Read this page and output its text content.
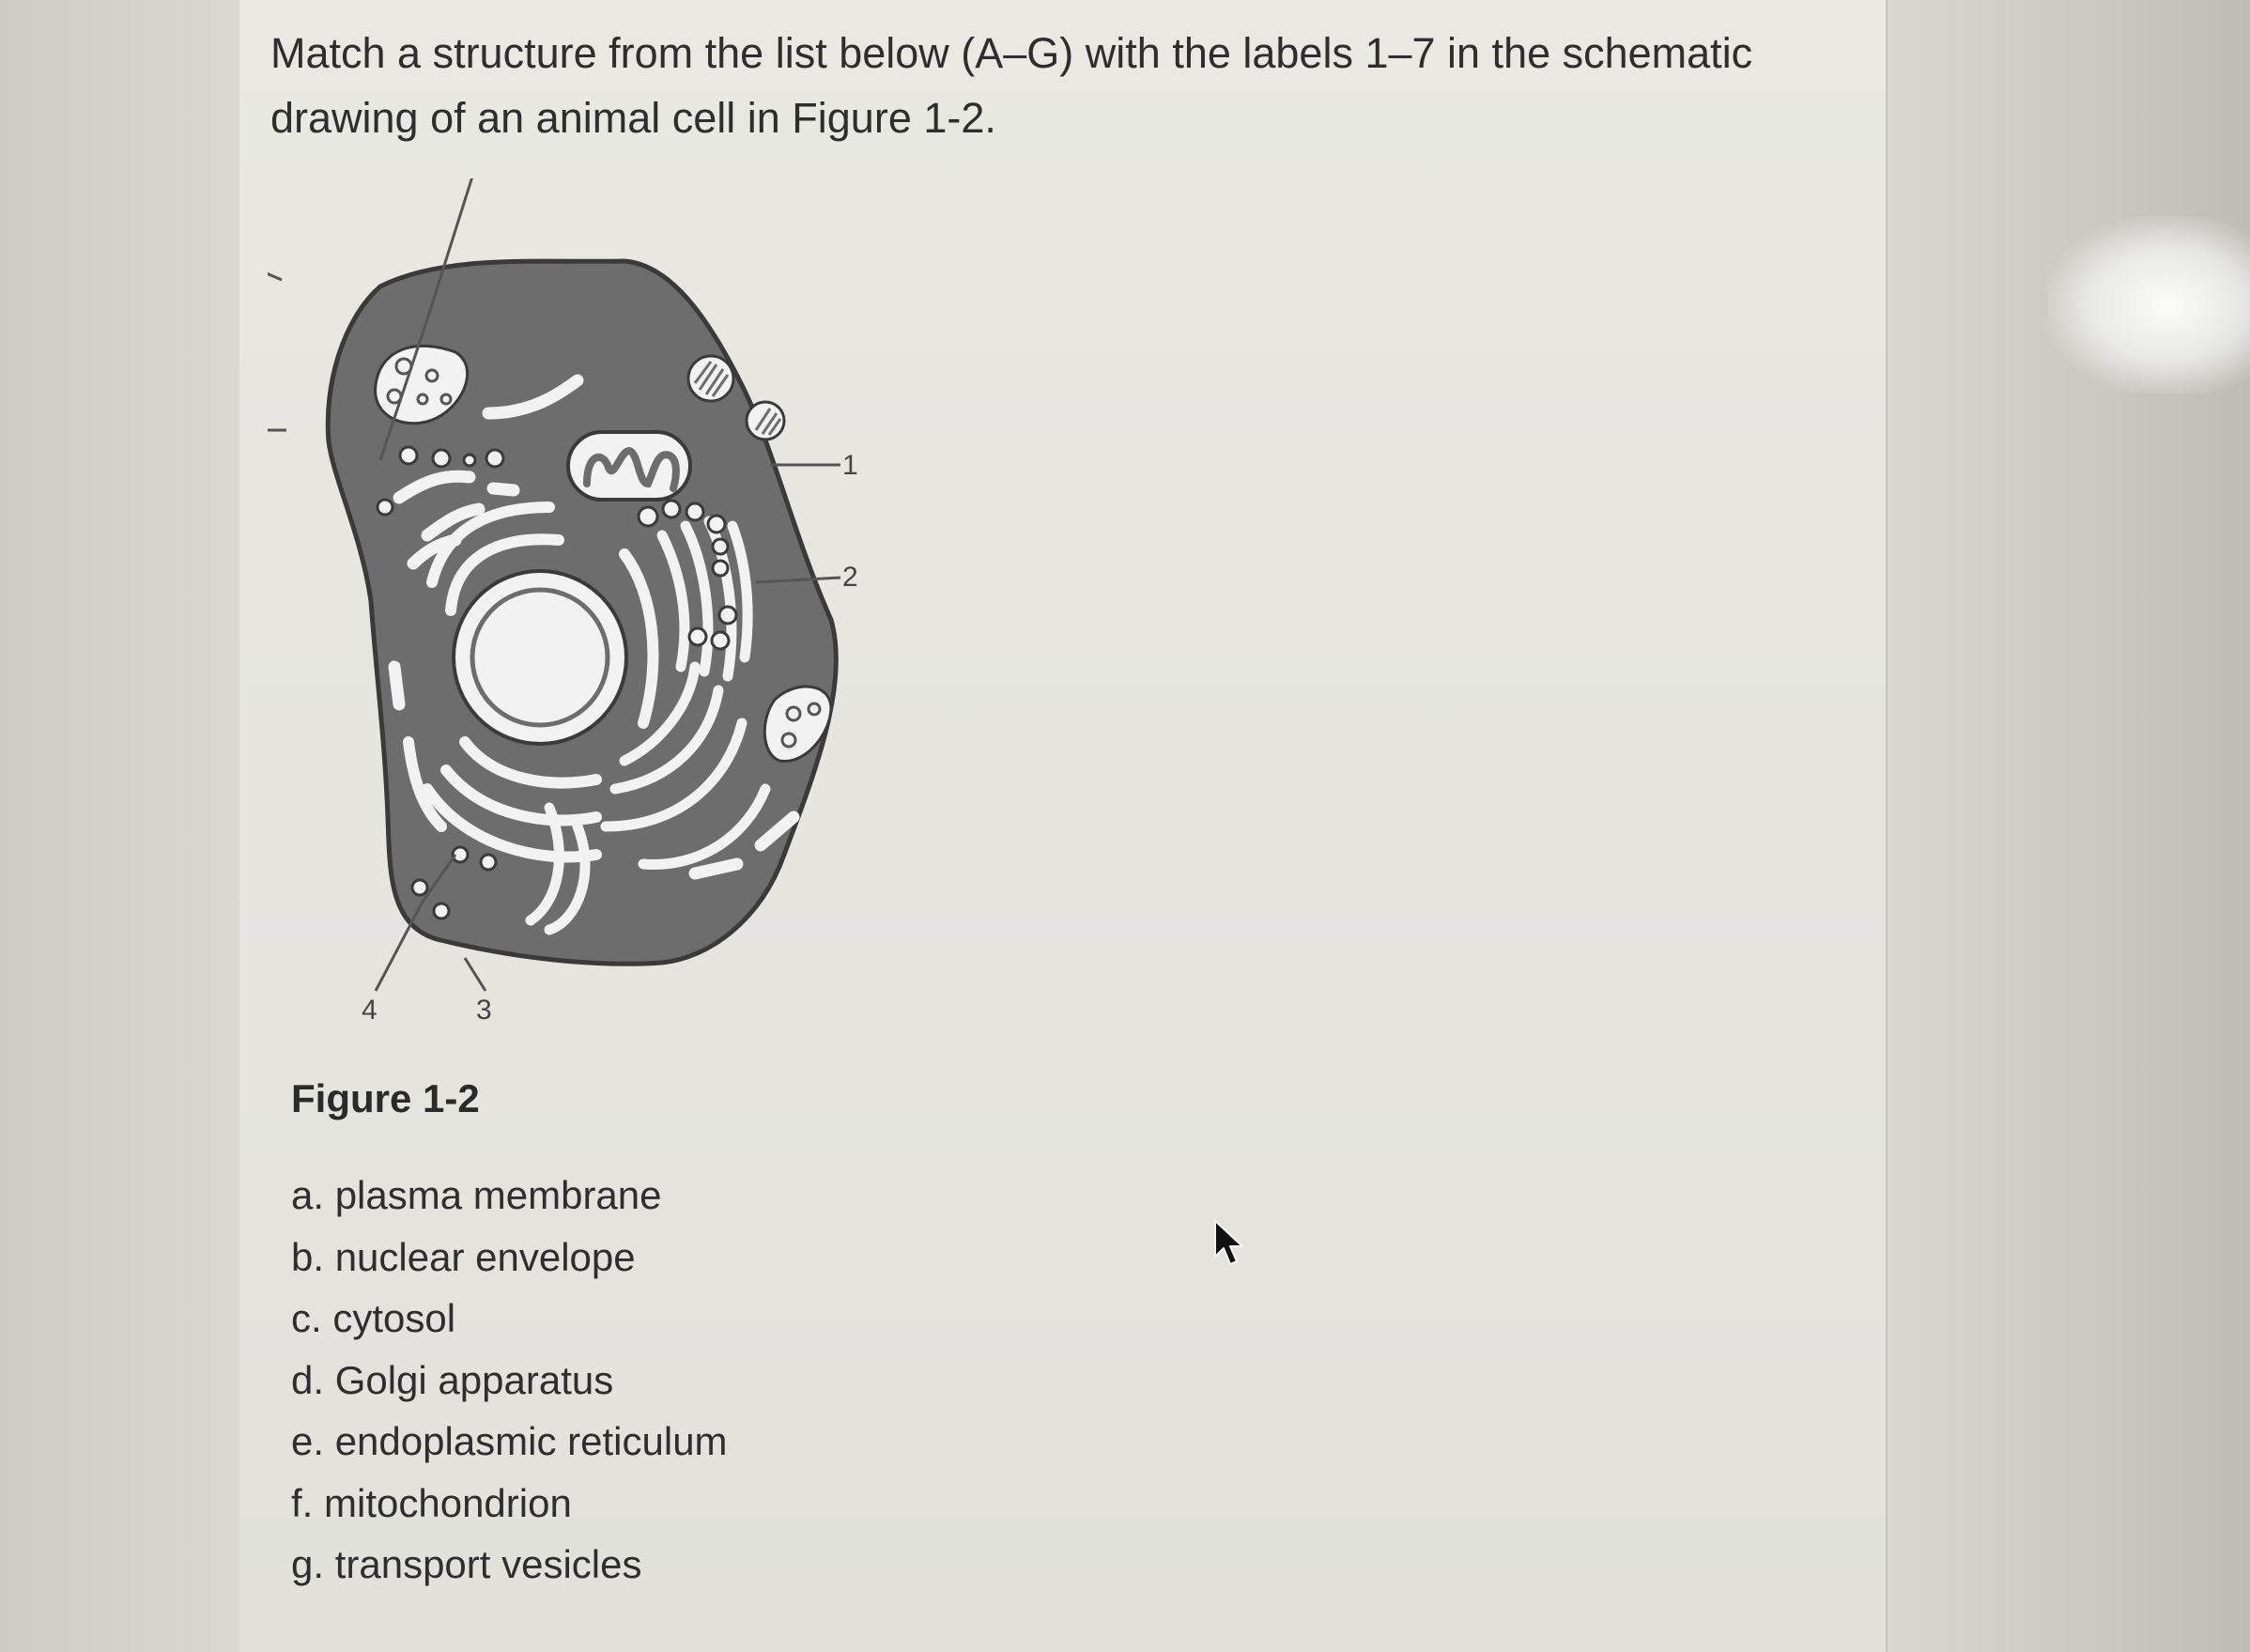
Match a structure from the list below (A–G) with the labels 1–7 in the schematic
drawing of an animal cell in Figure 1-2.
1
2
4	3
Figure 1-2
a. plasma membrane
b. nuclear envelope
c. cytosol
d. Golgi apparatus
e. endoplasmic reticulum
f. mitochondrion
g. transport vesicles
